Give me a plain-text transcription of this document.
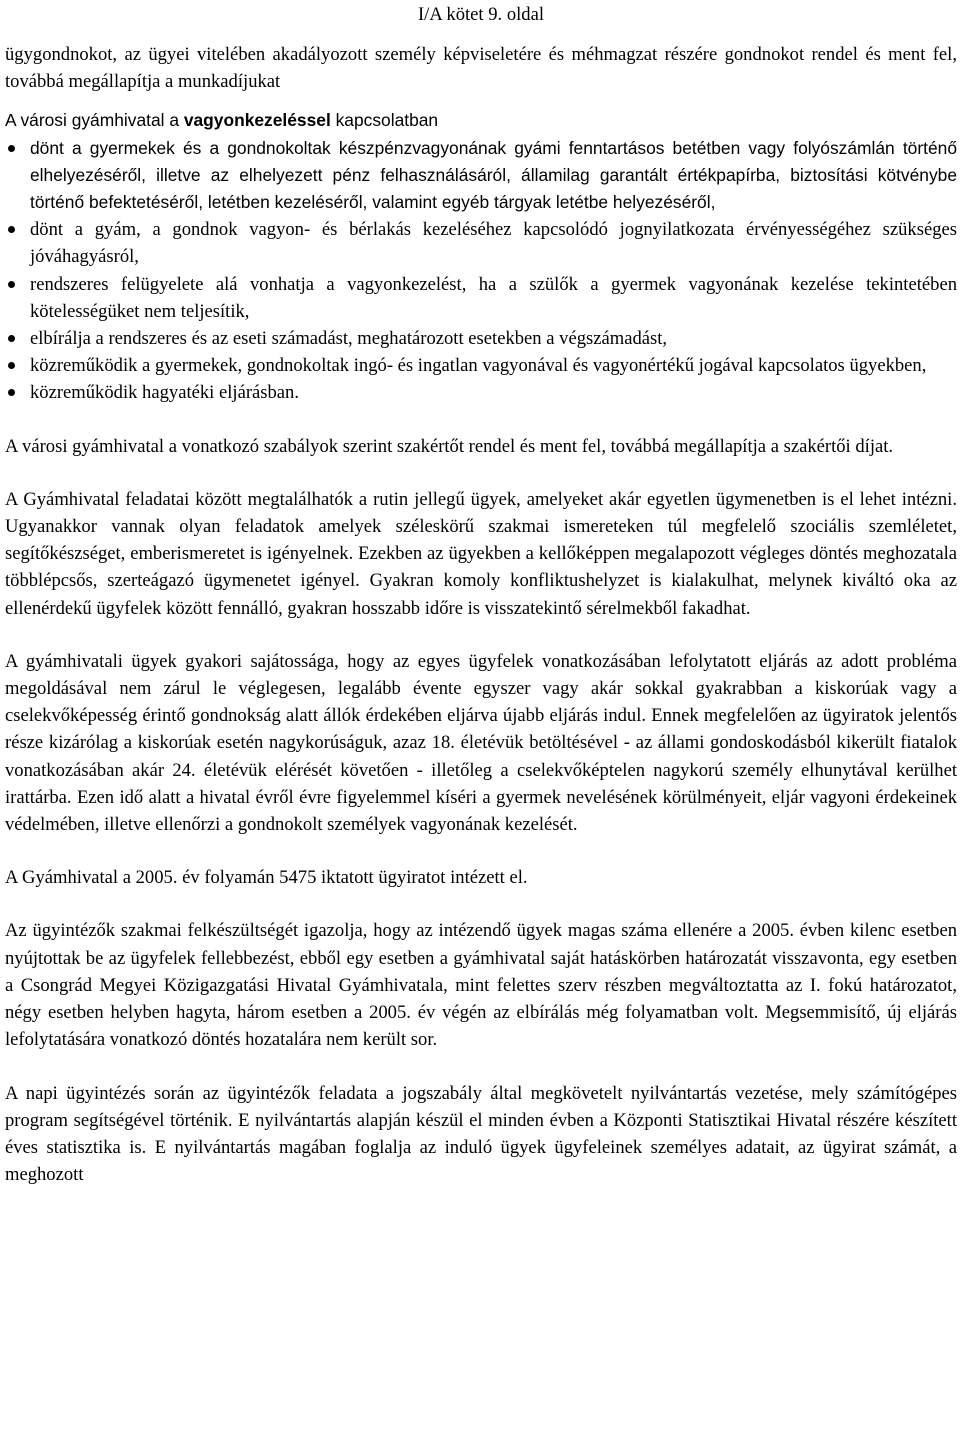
I/A kötet 9. oldal

ügygondnokot, az ügyei vitelében akadályozott személy képviseletére és méhmagzat részére gondnokot rendel és ment fel, továbbá megállapítja a munkadíjukat

A városi gyámhivatal a vagyonkezeléssel kapcsolatban

dönt a gyermekek és a gondnokoltak készpénzvagyonának gyámi fenntartásos betétben vagy folyószámlán történő elhelyezéséről, illetve az elhelyezett pénz felhasználásáról, államilag garantált értékpapírba, biztosítási kötvénybe történő befektetéséről, letétben kezeléséről, valamint egyéb tárgyak letétbe helyezéséről,
dönt a gyám, a gondnok vagyon- és bérlakás kezeléséhez kapcsolódó jognyilatkozata érvényességéhez szükséges jóváhagyásról,
rendszeres felügyelete alá vonhatja a vagyonkezelést, ha a szülők a gyermek vagyonának kezelése tekintetében kötelességüket nem teljesítik,
elbírálja a rendszeres és az eseti számadást, meghatározott esetekben a végszámadást,
közreműködik a gyermekek, gondnokoltak ingó- és ingatlan vagyonával és vagyonértékű jogával kapcsolatos ügyekben,
közreműködik hagyatéki eljárásban.

A városi gyámhivatal a vonatkozó szabályok szerint szakértőt rendel és ment fel, továbbá megállapítja a szakértői díjat.

A Gyámhivatal feladatai között megtalálhatók a rutin jellegű ügyek, amelyeket akár egyetlen ügymenetben is el lehet intézni. Ugyanakkor vannak olyan feladatok amelyek széleskörű szakmai ismereteken túl megfelelő szociális szemléletet, segítőkészséget, emberismeretet is igényelnek. Ezekben az ügyekben a kellőképpen megalapozott végleges döntés meghozatala többlépcsős, szerteágazó ügymenetet igényel. Gyakran komoly konfliktushelyzet is kialakulhat, melynek kiváltó oka az ellenérdekű ügyfelek között fennálló, gyakran hosszabb időre is visszatekintő sérelmekből fakadhat.

A gyámhivatali ügyek gyakori sajátossága, hogy az egyes ügyfelek vonatkozásában lefolytatott eljárás az adott probléma megoldásával nem zárul le véglegesen, legalább évente egyszer vagy akár sokkal gyakrabban a kiskorúak vagy a cselekvőképesség érintő gondnokság alatt állók érdekében eljárva újabb eljárás indul. Ennek megfelelően az ügyiratok jelentős része kizárólag a kiskorúak esetén nagykorúságuk, azaz 18. életévük betöltésével - az állami gondoskodásból kikerült fiatalok vonatkozásában akár 24. életévük elérését követően - illetőleg a cselekvőképtelen nagykorú személy elhunytával kerülhet irattárba. Ezen idő alatt a hivatal évről évre figyelemmel kíséri a gyermek nevelésének körülményeit, eljár vagyoni érdekeinek védelmében, illetve ellenőrzi a gondnokolt személyek vagyonának kezelését.

A Gyámhivatal a 2005. év folyamán 5475 iktatott ügyiratot intézett el.

Az ügyintézők szakmai felkészültségét igazolja, hogy az intézendő ügyek magas száma ellenére a 2005. évben kilenc esetben nyújtottak be az ügyfelek fellebbezést, ebből egy esetben a gyámhivatal saját hatáskörben határozatát visszavonta, egy esetben a Csongrád Megyei Közigazgatási Hivatal Gyámhivatala, mint felettes szerv részben megváltoztatta az I. fokú határozatot, négy esetben helyben hagyta, három esetben a 2005. év végén az elbírálás még folyamatban volt. Megsemmisítő, új eljárás lefolytatására vonatkozó döntés hozatalára nem került sor.

A napi ügyintézés során az ügyintézők feladata a jogszabály által megkövetelt nyilvántartás vezetése, mely számítógépes program segítségével történik. E nyilvántartás alapján készül el minden évben a Központi Statisztikai Hivatal részére készített éves statisztika is. E nyilvántartás magában foglalja az induló ügyek ügyfeleinek személyes adatait, az ügyirat számát, a meghozott
